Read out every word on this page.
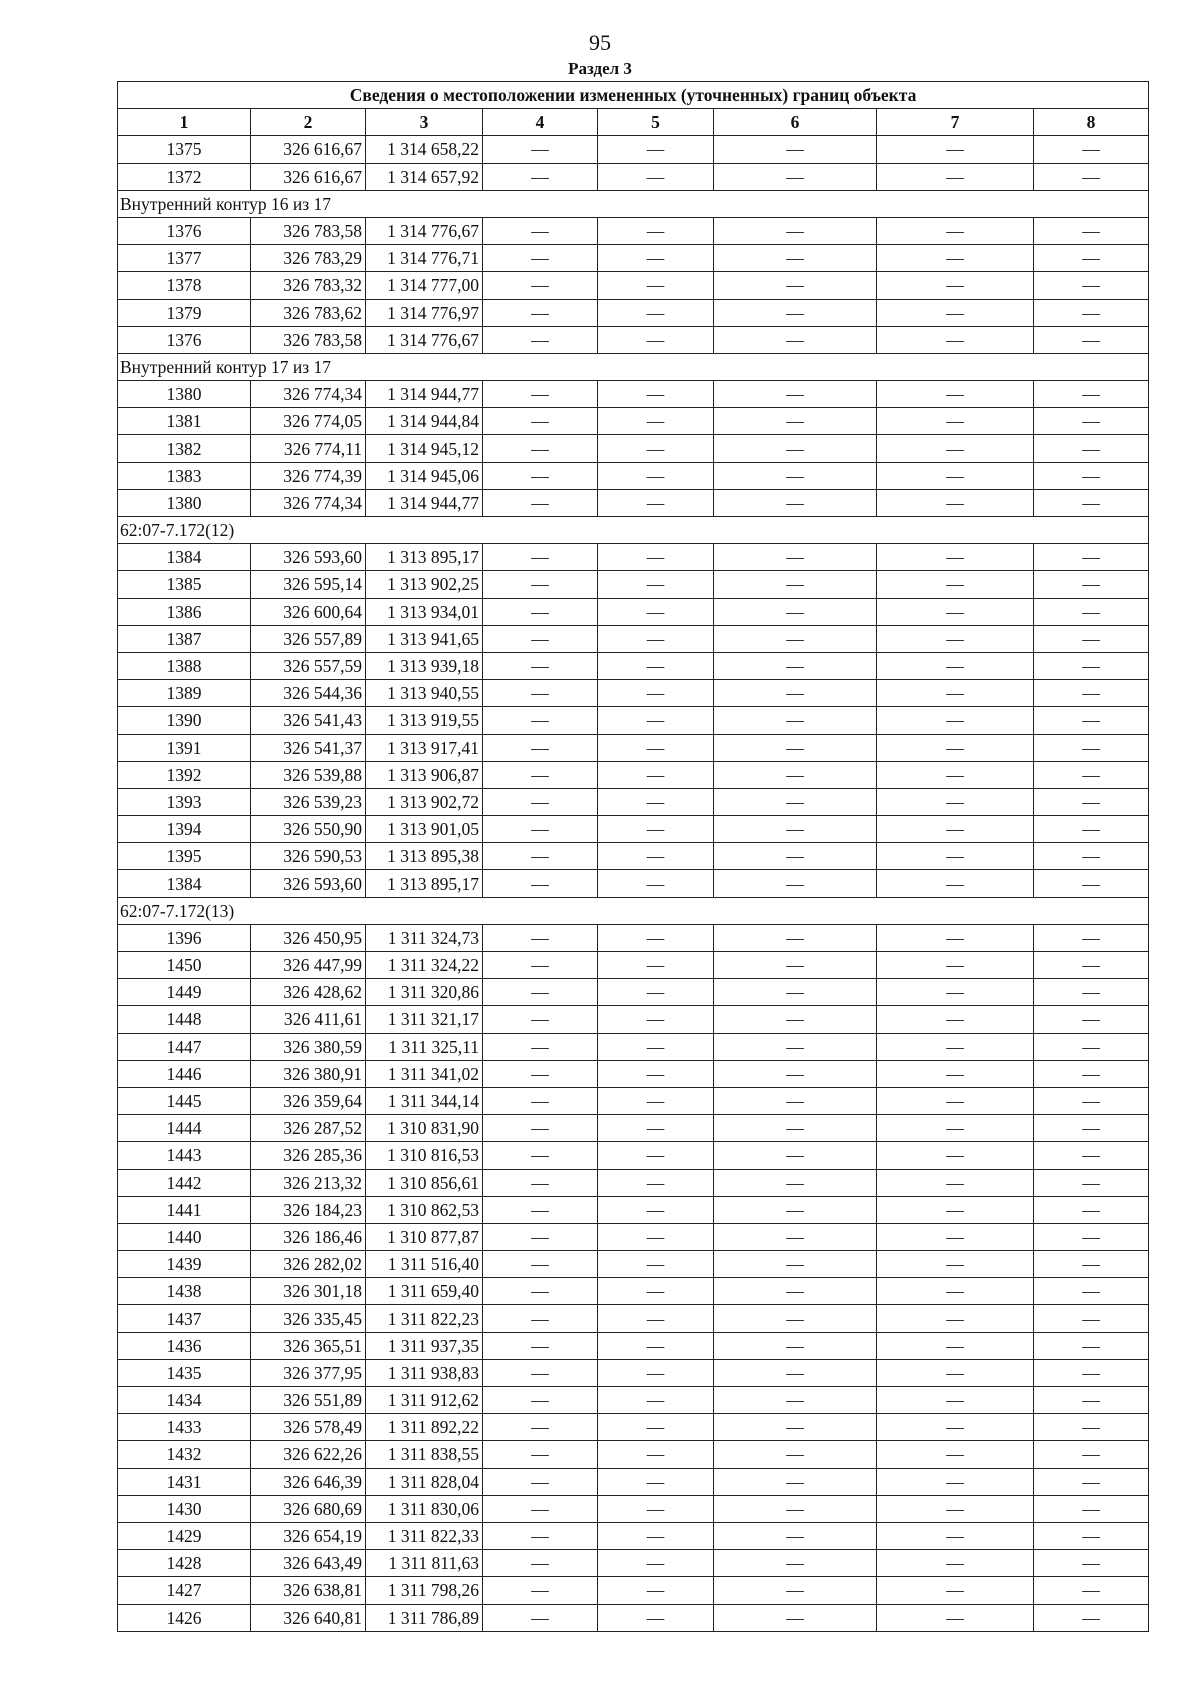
95
Раздел 3
Сведения о местоположении измененных (уточненных) границ объекта							
1	2	3	4	5	6	7	8
1375	326 616,67	1 314 658,22	—	—	—	—	—
1372	326 616,67	1 314 657,92	—	—	—	—	—
Внутренний контур 16 из 17							
1376	326 783,58	1 314 776,67	—	—	—	—	—
1377	326 783,29	1 314 776,71	—	—	—	—	—
1378	326 783,32	1 314 777,00	—	—	—	—	—
1379	326 783,62	1 314 776,97	—	—	—	—	—
1376	326 783,58	1 314 776,67	—	—	—	—	—
Внутренний контур 17 из 17							
1380	326 774,34	1 314 944,77	—	—	—	—	—
1381	326 774,05	1 314 944,84	—	—	—	—	—
1382	326 774,11	1 314 945,12	—	—	—	—	—
1383	326 774,39	1 314 945,06	—	—	—	—	—
1380	326 774,34	1 314 944,77	—	—	—	—	—
62:07-7.172(12)							
1384	326 593,60	1 313 895,17	—	—	—	—	—
1385	326 595,14	1 313 902,25	—	—	—	—	—
1386	326 600,64	1 313 934,01	—	—	—	—	—
1387	326 557,89	1 313 941,65	—	—	—	—	—
1388	326 557,59	1 313 939,18	—	—	—	—	—
1389	326 544,36	1 313 940,55	—	—	—	—	—
1390	326 541,43	1 313 919,55	—	—	—	—	—
1391	326 541,37	1 313 917,41	—	—	—	—	—
1392	326 539,88	1 313 906,87	—	—	—	—	—
1393	326 539,23	1 313 902,72	—	—	—	—	—
1394	326 550,90	1 313 901,05	—	—	—	—	—
1395	326 590,53	1 313 895,38	—	—	—	—	—
1384	326 593,60	1 313 895,17	—	—	—	—	—
62:07-7.172(13)							
1396	326 450,95	1 311 324,73	—	—	—	—	—
1450	326 447,99	1 311 324,22	—	—	—	—	—
1449	326 428,62	1 311 320,86	—	—	—	—	—
1448	326 411,61	1 311 321,17	—	—	—	—	—
1447	326 380,59	1 311 325,11	—	—	—	—	—
1446	326 380,91	1 311 341,02	—	—	—	—	—
1445	326 359,64	1 311 344,14	—	—	—	—	—
1444	326 287,52	1 310 831,90	—	—	—	—	—
1443	326 285,36	1 310 816,53	—	—	—	—	—
1442	326 213,32	1 310 856,61	—	—	—	—	—
1441	326 184,23	1 310 862,53	—	—	—	—	—
1440	326 186,46	1 310 877,87	—	—	—	—	—
1439	326 282,02	1 311 516,40	—	—	—	—	—
1438	326 301,18	1 311 659,40	—	—	—	—	—
1437	326 335,45	1 311 822,23	—	—	—	—	—
1436	326 365,51	1 311 937,35	—	—	—	—	—
1435	326 377,95	1 311 938,83	—	—	—	—	—
1434	326 551,89	1 311 912,62	—	—	—	—	—
1433	326 578,49	1 311 892,22	—	—	—	—	—
1432	326 622,26	1 311 838,55	—	—	—	—	—
1431	326 646,39	1 311 828,04	—	—	—	—	—
1430	326 680,69	1 311 830,06	—	—	—	—	—
1429	326 654,19	1 311 822,33	—	—	—	—	—
1428	326 643,49	1 311 811,63	—	—	—	—	—
1427	326 638,81	1 311 798,26	—	—	—	—	—
1426	326 640,81	1 311 786,89	—	—	—	—	—
